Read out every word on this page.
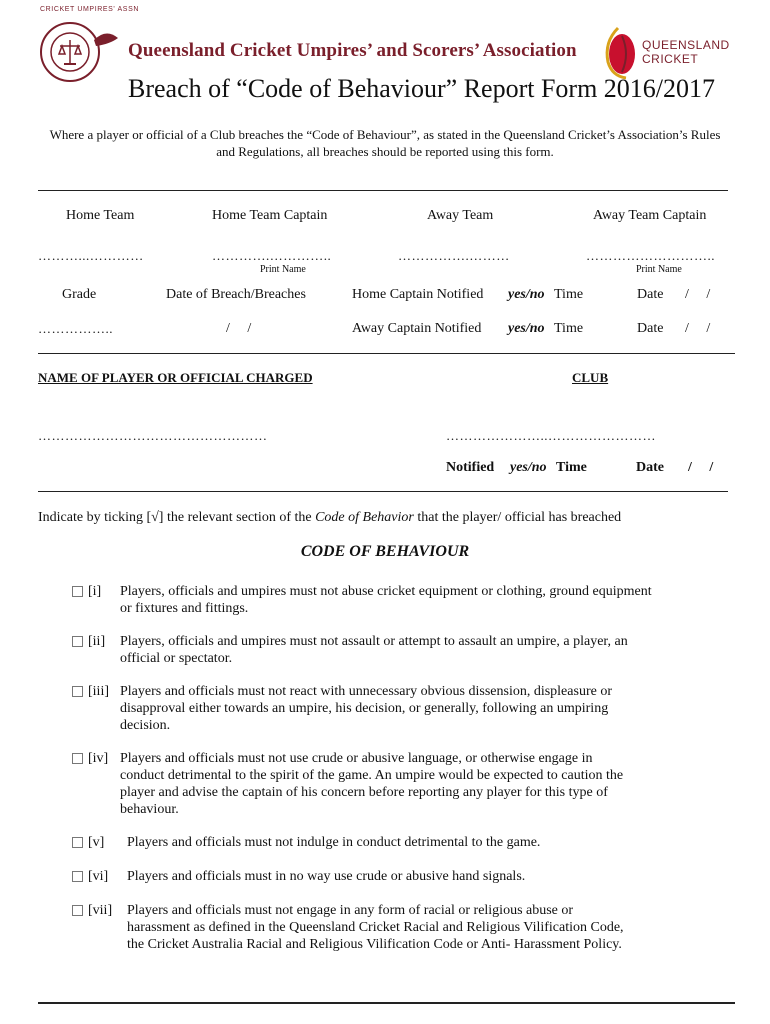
CRICKET UMPIRES' ASSN
Queensland Cricket Umpires’ and Scorers’ Association	QUEENSLAND
CRICKET
Breach of “Code of Behaviour” Report Form 2016/2017
Where a player or official of a Club breaches the “Code of Behaviour”, as stated in the Queensland Cricket’s Association’s Rules and Regulations, all breaches should be reported using this form.
Home Team	Home Team Captain	Away Team	Away Team Captain
………...…………	………….…………..	…………….………	………………………..
Print Name	Print Name
Grade	Date of Breach/Breaches	Home Captain Notified yes/no Time	Date /     /
……………..	/     /	Away Captain Notified yes/no Time	Date /     /
NAME OF PLAYER OR OFFICIAL CHARGED	CLUB
……………………………………………	…………………..……………………
Notified yes/no Time	Date /     /
Indicate by ticking [√] the relevant section of the Code of Behavior that the player/ official has breached
CODE OF BEHAVIOUR
[i] Players, officials and umpires must not abuse cricket equipment or clothing, ground equipment or fixtures and fittings.
[ii] Players, officials and umpires must not assault or attempt to assault an umpire, a player, an official or spectator.
[iii] Players and officials must not react with unnecessary obvious dissension, displeasure or disapproval either towards an umpire, his decision, or generally, following an umpiring decision.
[iv] Players and officials must not use crude or abusive language, or otherwise engage in conduct detrimental to the spirit of the game. An umpire would be expected to caution the player and advise the captain of his concern before reporting any player for this type of behaviour.
[v] Players and officials must not indulge in conduct detrimental to the game.
[vi] Players and officials must in no way use crude or abusive hand signals.
[vii] Players and officials must not engage in any form of racial or religious abuse or harassment as defined in the Queensland Cricket Racial and Religious Vilification Code, the Cricket Australia Racial and Religious Vilification Code or Anti- Harassment Policy.
